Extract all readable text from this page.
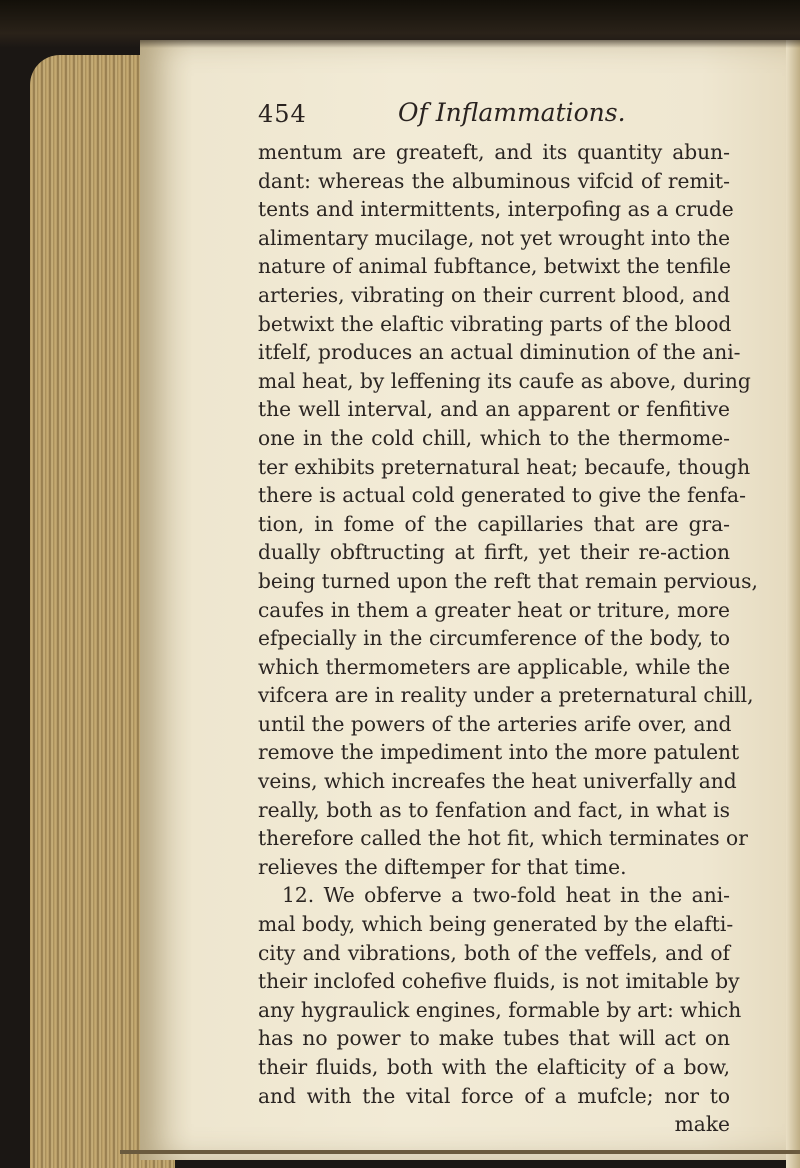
454	Of Inflammations.
mentum are greateft, and its quantity abun-
dant: whereas the albuminous vifcid of remit-
tents and intermittents, interpofing as a crude
alimentary mucilage, not yet wrought into the
nature of animal fubftance, betwixt the tenfile
arteries, vibrating on their current blood, and
betwixt the elaftic vibrating parts of the blood
itfelf, produces an actual diminution of the ani-
mal heat, by leffening its caufe as above, during
the well interval, and an apparent or fenfitive
one in the cold chill, which to the thermome-
ter exhibits preternatural heat; becaufe, though
there is actual cold generated to give the fenfa-
tion, in fome of the capillaries that are gra-
dually obftructing at firft, yet their re-action
being turned upon the reft that remain pervious,
caufes in them a greater heat or triture, more
efpecially in the circumference of the body, to
which thermometers are applicable, while the
vifcera are in reality under a preternatural chill,
until the powers of the arteries arife over, and
remove the impediment into the more patulent
veins, which increafes the heat univerfally and
really, both as to fenfation and fact, in what is
therefore called the hot fit, which terminates or
relieves the diftemper for that time.
12. We obferve a two-fold heat in the ani-
mal body, which being generated by the elafti-
city and vibrations, both of the veffels, and of
their inclofed cohefive fluids, is not imitable by
any hygraulick engines, formable by art: which
has no power to make tubes that will act on
their fluids, both with the elafticity of a bow,
and with the vital force of a mufcle; nor to
make
